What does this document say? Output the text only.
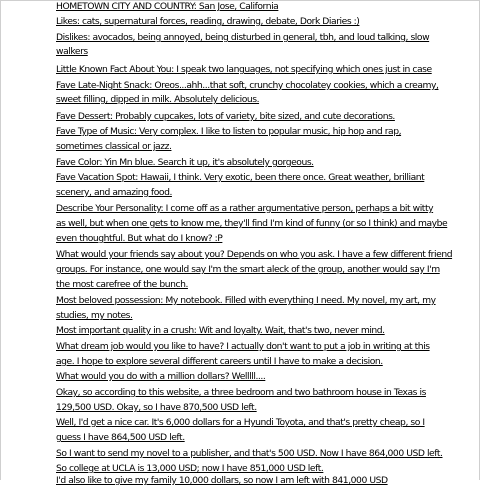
HOMETOWN CITY AND COUNTRY: San Jose, California
Likes: cats, supernatural forces, reading, drawing, debate, Dork Diaries :)
Dislikes: avocados, being annoyed, being disturbed in general, tbh, and loud talking, slow
walkers
Little Known Fact About You: I speak two languages, not specifying which ones just in case
Fave Late-Night Snack: Oreos...ahh...that soft, crunchy chocolatey cookies, which a creamy,
sweet filling, dipped in milk. Absolutely delicious.
Fave Dessert: Probably cupcakes, lots of variety, bite sized, and cute decorations.
Fave Type of Music: Very complex. I like to listen to popular music, hip hop and rap,
sometimes classical or jazz.
Fave Color: Yin Mn blue. Search it up, it's absolutely gorgeous.
Fave Vacation Spot: Hawaii, I think. Very exotic, been there once. Great weather, brilliant
scenery, and amazing food.
Describe Your Personality: I come off as a rather argumentative person, perhaps a bit witty
as well, but when one gets to know me, they'll find I'm kind of funny (or so I think) and maybe
even thoughtful. But what do I know? :P
What would your friends say about you? Depends on who you ask. I have a few different friend
groups. For instance, one would say I'm the smart aleck of the group, another would say I'm
the most carefree of the bunch.
Most beloved possession: My notebook. Filled with everything I need. My novel, my art, my
studies, my notes.
Most important quality in a crush: Wit and loyalty. Wait, that's two, never mind.
What dream job would you like to have? I actually don't want to put a job in writing at this
age. I hope to explore several different careers until I have to make a decision.
What would you do with a million dollars? Welllll....
Okay, so according to this website, a three bedroom and two bathroom house in Texas is
129,500 USD. Okay, so I have 870,500 USD left.
Well, I'd get a nice car. It's 6,000 dollars for a Hyundi Toyota, and that's pretty cheap, so I
guess I have 864,500 USD left.
So I want to send my novel to a publisher, and that's 500 USD. Now I have 864,000 USD left.
So college at UCLA is 13,000 USD; now I have 851,000 USD left.
I'd also like to give my family 10,000 dollars, so now I am left with 841,000 USD
